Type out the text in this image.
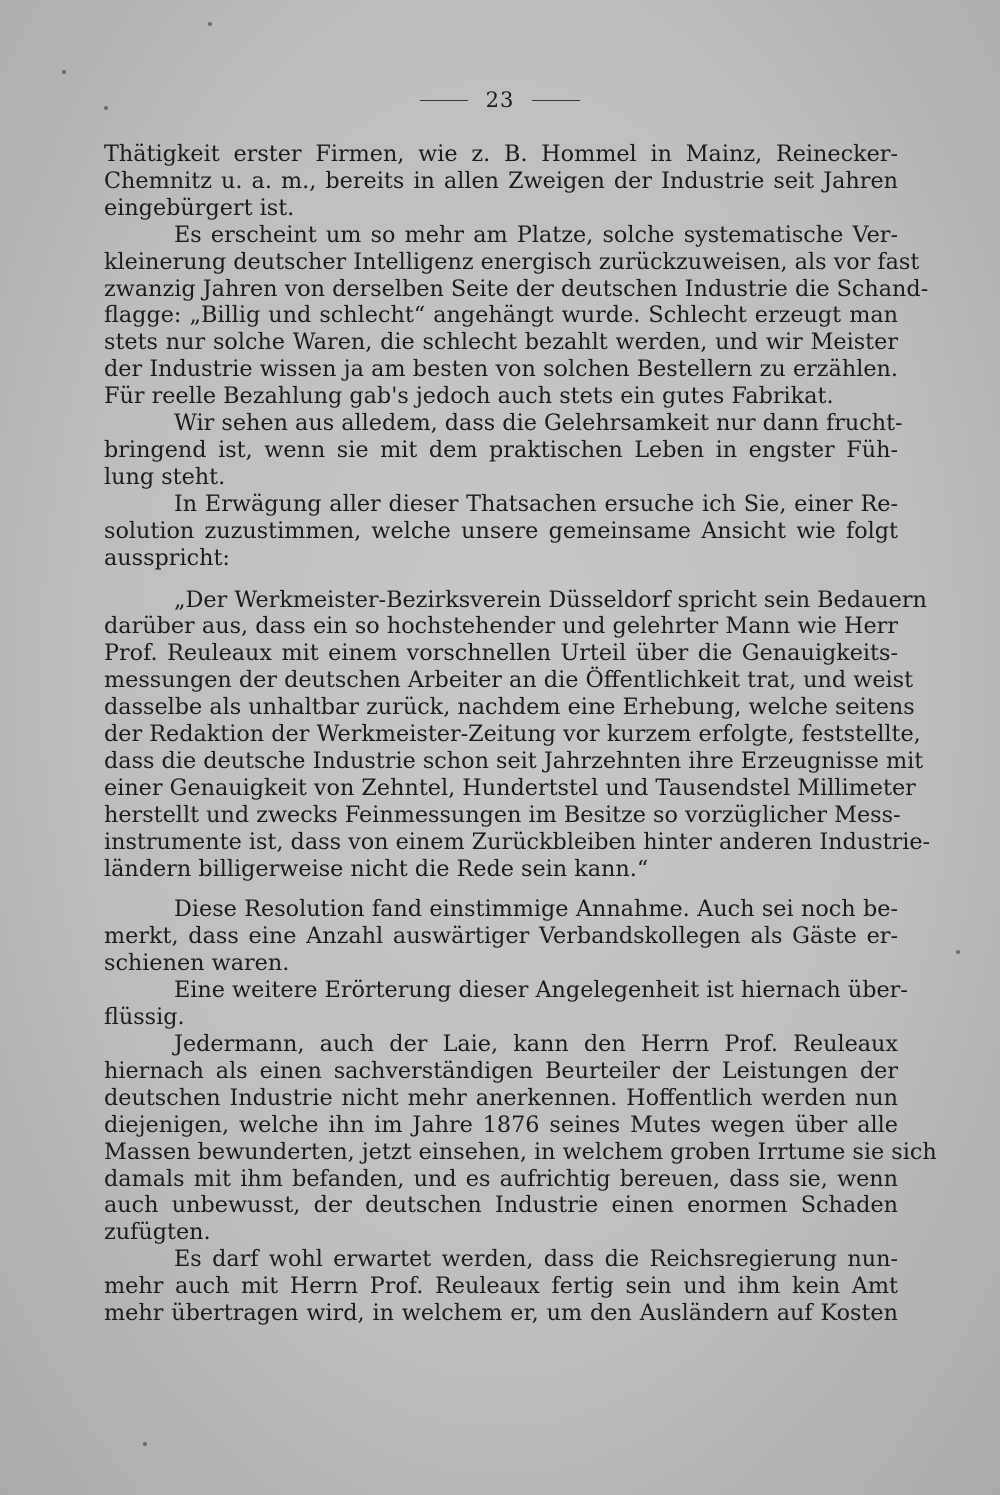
23
Thätigkeit erster Firmen, wie z. B. Hommel in Mainz, Reinecker-
Chemnitz u. a. m., bereits in allen Zweigen der Industrie seit Jahren
eingebürgert ist.
Es erscheint um so mehr am Platze, solche systematische Ver-
kleinerung deutscher Intelligenz energisch zurückzuweisen, als vor fast
zwanzig Jahren von derselben Seite der deutschen Industrie die Schand-
flagge: „Billig und schlecht“ angehängt wurde. Schlecht erzeugt man
stets nur solche Waren, die schlecht bezahlt werden, und wir Meister
der Industrie wissen ja am besten von solchen Bestellern zu erzählen.
Für reelle Bezahlung gab's jedoch auch stets ein gutes Fabrikat.
Wir sehen aus alledem, dass die Gelehrsamkeit nur dann frucht-
bringend ist, wenn sie mit dem praktischen Leben in engster Füh-
lung steht.
In Erwägung aller dieser Thatsachen ersuche ich Sie, einer Re-
solution zuzustimmen, welche unsere gemeinsame Ansicht wie folgt
ausspricht:
„Der Werkmeister-Bezirksverein Düsseldorf spricht sein Bedauern
darüber aus, dass ein so hochstehender und gelehrter Mann wie Herr
Prof. Reuleaux mit einem vorschnellen Urteil über die Genauigkeits-
messungen der deutschen Arbeiter an die Öffentlichkeit trat, und weist
dasselbe als unhaltbar zurück, nachdem eine Erhebung, welche seitens
der Redaktion der Werkmeister-Zeitung vor kurzem erfolgte, feststellte,
dass die deutsche Industrie schon seit Jahrzehnten ihre Erzeugnisse mit
einer Genauigkeit von Zehntel, Hundertstel und Tausendstel Millimeter
herstellt und zwecks Feinmessungen im Besitze so vorzüglicher Mess-
instrumente ist, dass von einem Zurückbleiben hinter anderen Industrie-
ländern billigerweise nicht die Rede sein kann.“
Diese Resolution fand einstimmige Annahme. Auch sei noch be-
merkt, dass eine Anzahl auswärtiger Verbandskollegen als Gäste er-
schienen waren.
Eine weitere Erörterung dieser Angelegenheit ist hiernach über-
flüssig.
Jedermann, auch der Laie, kann den Herrn Prof. Reuleaux
hiernach als einen sachverständigen Beurteiler der Leistungen der
deutschen Industrie nicht mehr anerkennen. Hoffentlich werden nun
diejenigen, welche ihn im Jahre 1876 seines Mutes wegen über alle
Massen bewunderten, jetzt einsehen, in welchem groben Irrtume sie sich
damals mit ihm befanden, und es aufrichtig bereuen, dass sie, wenn
auch unbewusst, der deutschen Industrie einen enormen Schaden
zufügten.
Es darf wohl erwartet werden, dass die Reichsregierung nun-
mehr auch mit Herrn Prof. Reuleaux fertig sein und ihm kein Amt
mehr übertragen wird, in welchem er, um den Ausländern auf Kosten
